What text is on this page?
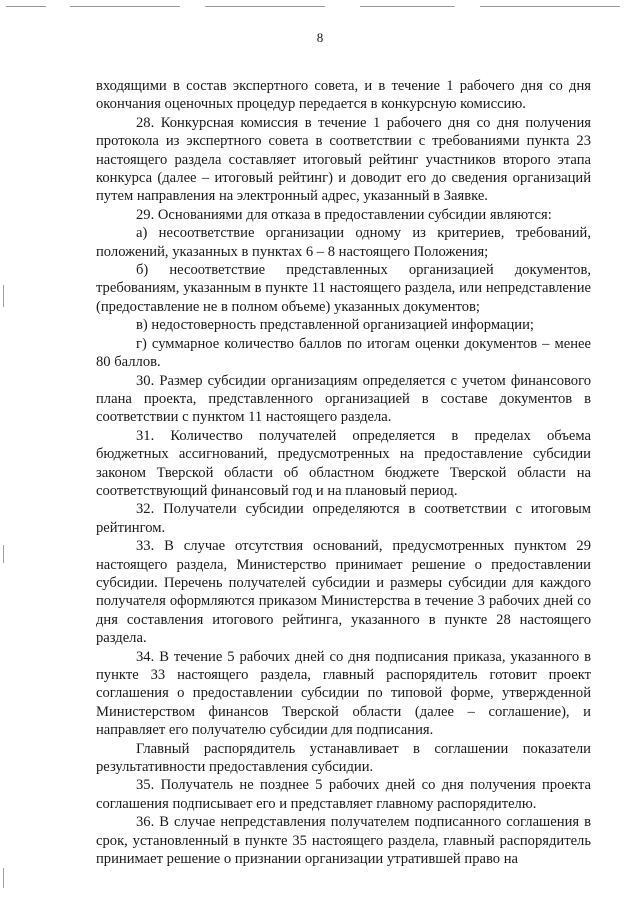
8

входящими в состав экспертного совета, и в течение 1 рабочего дня со дня окончания оценочных процедур передается в конкурсную комиссию.

28. Конкурсная комиссия в течение 1 рабочего дня со дня получения протокола из экспертного совета в соответствии с требованиями пункта 23 настоящего раздела составляет итоговый рейтинг участников второго этапа конкурса (далее – итоговый рейтинг) и доводит его до сведения организаций путем направления на электронный адрес, указанный в Заявке.

29. Основаниями для отказа в предоставлении субсидии являются:

а) несоответствие организации одному из критериев, требований, положений, указанных в пунктах 6 – 8 настоящего Положения;

б) несоответствие представленных организацией документов, требованиям, указанным в пункте 11 настоящего раздела, или непредставление (предоставление не в полном объеме) указанных документов;

в) недостоверность представленной организацией информации;

г) суммарное количество баллов по итогам оценки документов – менее 80 баллов.

30. Размер субсидии организациям определяется с учетом финансового плана проекта, представленного организацией в составе документов в соответствии с пунктом 11 настоящего раздела.

31. Количество получателей определяется в пределах объема бюджетных ассигнований, предусмотренных на предоставление субсидии законом Тверской области об областном бюджете Тверской области на соответствующий финансовый год и на плановый период.

32. Получатели субсидии определяются в соответствии с итоговым рейтингом.

33. В случае отсутствия оснований, предусмотренных пунктом 29 настоящего раздела, Министерство принимает решение о предоставлении субсидии. Перечень получателей субсидии и размеры субсидии для каждого получателя оформляются приказом Министерства в течение 3 рабочих дней со дня составления итогового рейтинга, указанного в пункте 28 настоящего раздела.

34. В течение 5 рабочих дней со дня подписания приказа, указанного в пункте 33 настоящего раздела, главный распорядитель готовит проект соглашения о предоставлении субсидии по типовой форме, утвержденной Министерством финансов Тверской области (далее – соглашение), и направляет его получателю субсидии для подписания.

Главный распорядитель устанавливает в соглашении показатели результативности предоставления субсидии.

35. Получатель не позднее 5 рабочих дней со дня получения проекта соглашения подписывает его и представляет главному распорядителю.

36. В случае непредставления получателем подписанного соглашения в срок, установленный в пункте 35 настоящего раздела, главный распорядитель принимает решение о признании организации утратившей право на
